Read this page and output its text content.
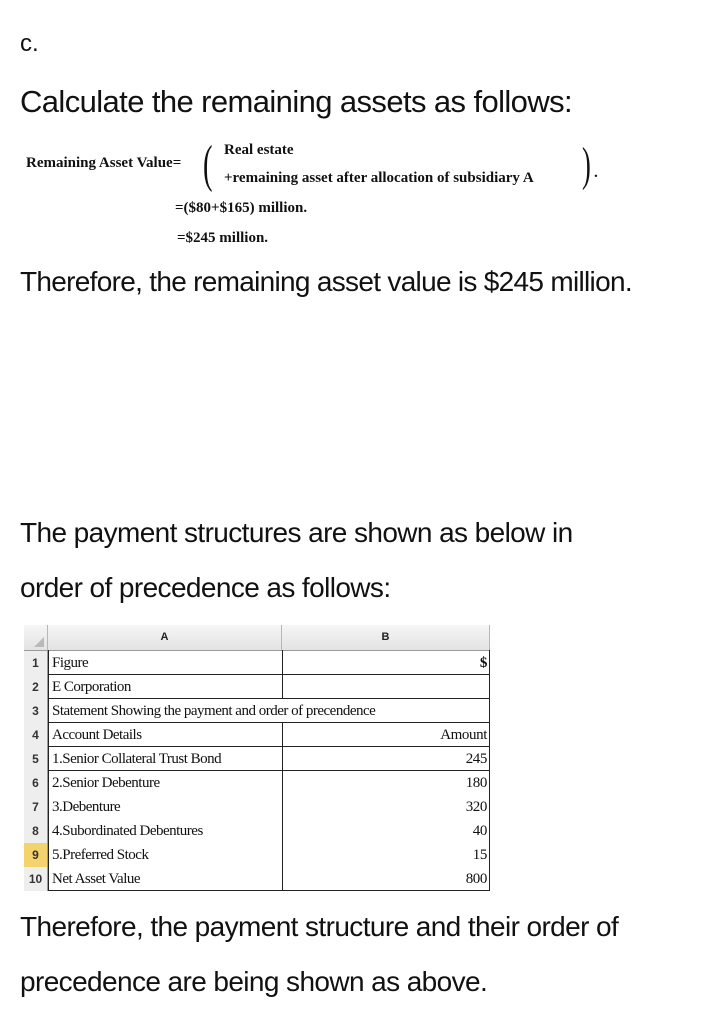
c.
Calculate the remaining assets as follows:
Remaining Asset Value= ( Real estate
+remaining asset after allocation of subsidiary A ) .
=($80+$165) million.
=$245 million.
Therefore, the remaining asset value is $245 million.
The payment structures are shown as below in
order of precedence as follows:
A	B
1 Figure	$
2 E Corporation
3 Statement Showing the payment and order of precendence
4 Account Details	Amount
5 1.Senior Collateral Trust Bond	245
6 2.Senior Debenture	180
7 3.Debenture	320
8 4.Subordinated Debentures	40
9 5.Preferred Stock	15
10 Net Asset Value	800
Therefore, the payment structure and their order of
precedence are being shown as above.
